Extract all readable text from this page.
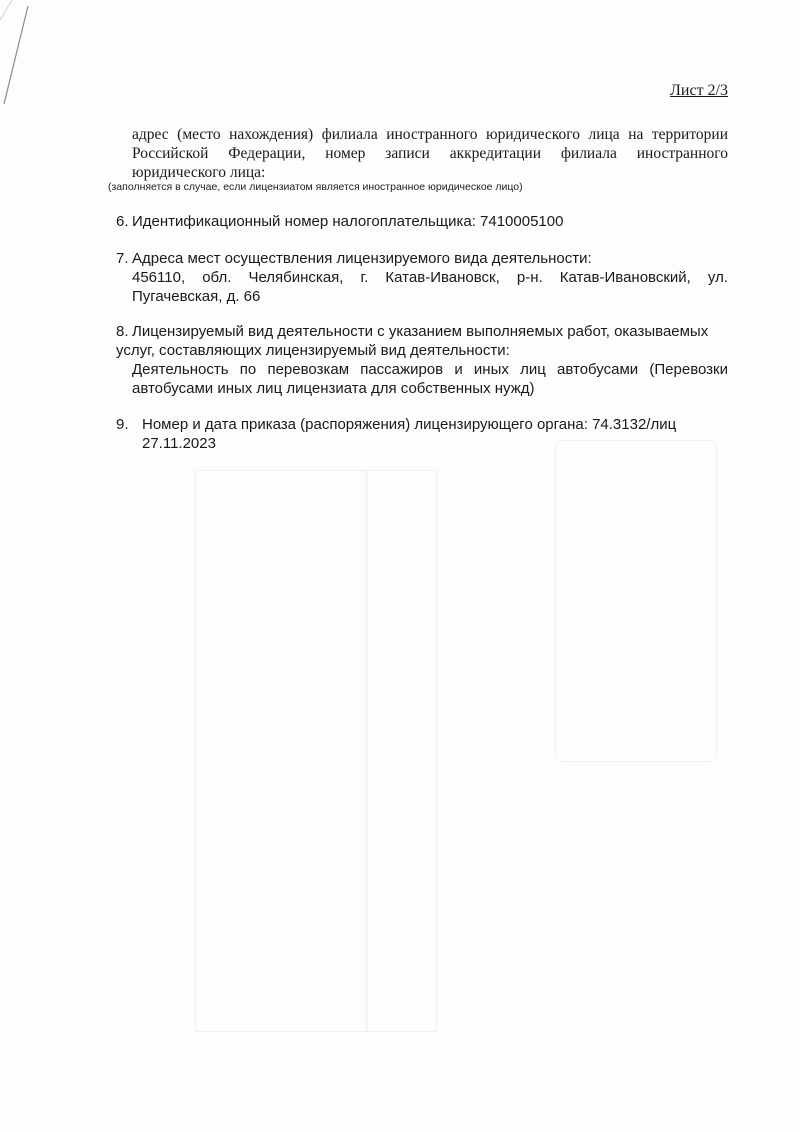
Лист 2/3
адрес (место нахождения) филиала иностранного юридического лица на территории Российской Федерации, номер записи аккредитации филиала иностранного юридического лица:
(заполняется в случае, если лицензиатом является иностранное юридическое лицо)
6. Идентификационный номер налогоплательщика: 7410005100
7. Адреса мест осуществления лицензируемого вида деятельности:
456110, обл. Челябинская, г. Катав-Ивановск, р-н. Катав-Ивановский, ул. Пугачевская, д. 66
8. Лицензируемый вид деятельности с указанием выполняемых работ, оказываемых услуг, составляющих лицензируемый вид деятельности:
Деятельность по перевозкам пассажиров и иных лиц автобусами (Перевозки автобусами иных лиц лицензиата для собственных нужд)
9. Номер и дата приказа (распоряжения) лицензирующего органа: 74.3132/лиц
27.11.2023
